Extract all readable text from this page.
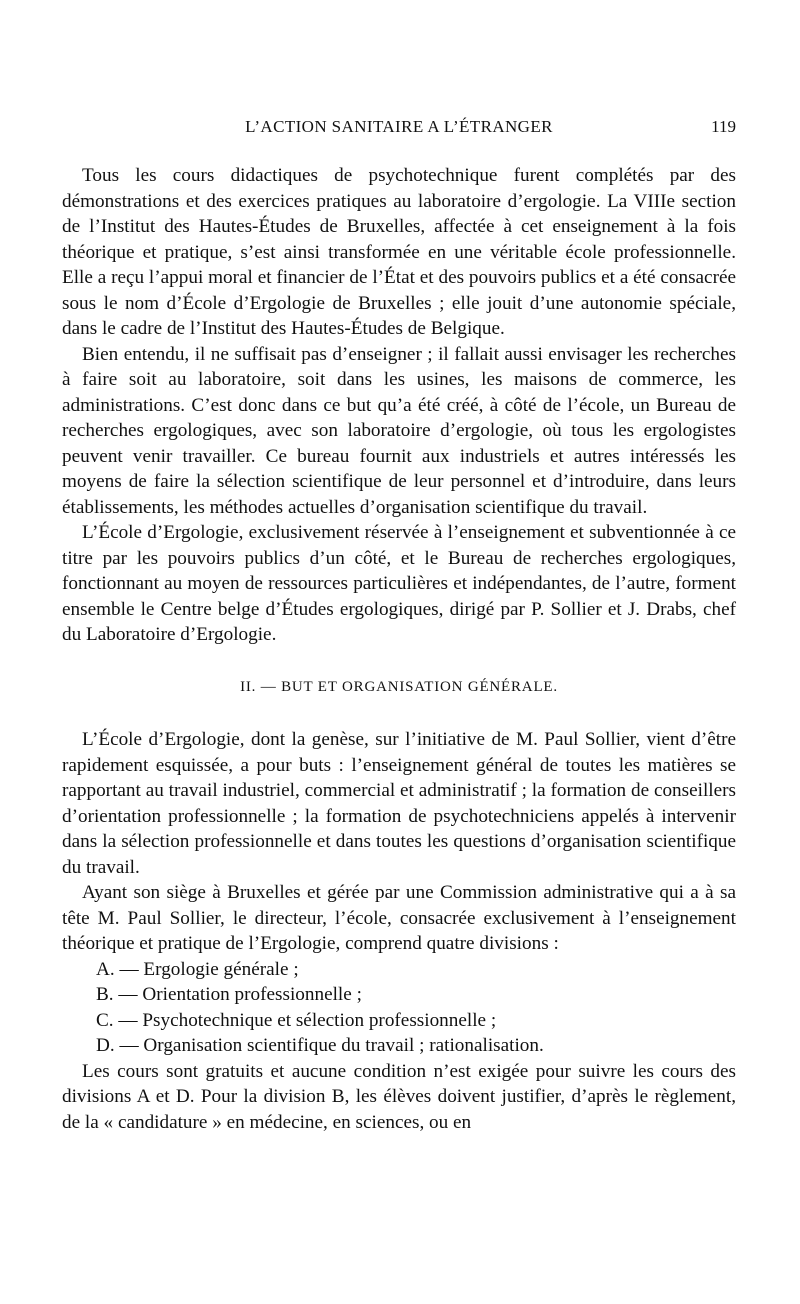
L’ACTION SANITAIRE A L’ÉTRANGER	119

Tous les cours didactiques de psychotechnique furent complétés par des démonstrations et des exercices pratiques au laboratoire d’ergologie. La VIIIe section de l’Institut des Hautes-Études de Bruxelles, affectée à cet enseignement à la fois théorique et pratique, s’est ainsi transformée en une véritable école professionnelle. Elle a reçu l’appui moral et financier de l’État et des pouvoirs publics et a été consacrée sous le nom d’École d’Ergologie de Bruxelles ; elle jouit d’une autonomie spéciale, dans le cadre de l’Institut des Hautes-Études de Belgique.

Bien entendu, il ne suffisait pas d’enseigner ; il fallait aussi envisager les recherches à faire soit au laboratoire, soit dans les usines, les maisons de commerce, les administrations. C’est donc dans ce but qu’a été créé, à côté de l’école, un Bureau de recherches ergologiques, avec son laboratoire d’ergologie, où tous les ergologistes peuvent venir travailler. Ce bureau fournit aux industriels et autres intéressés les moyens de faire la sélection scientifique de leur personnel et d’introduire, dans leurs établissements, les méthodes actuelles d’organisation scientifique du travail.

L’École d’Ergologie, exclusivement réservée à l’enseignement et subventionnée à ce titre par les pouvoirs publics d’un côté, et le Bureau de recherches ergologiques, fonctionnant au moyen de ressources particulières et indépendantes, de l’autre, forment ensemble le Centre belge d’Études ergologiques, dirigé par P. Sollier et J. Drabs, chef du Laboratoire d’Ergologie.

II. — BUT ET ORGANISATION GÉNÉRALE.

L’École d’Ergologie, dont la genèse, sur l’initiative de M. Paul Sollier, vient d’être rapidement esquissée, a pour buts : l’enseignement général de toutes les matières se rapportant au travail industriel, commercial et administratif ; la formation de conseillers d’orientation professionnelle ; la formation de psychotechniciens appelés à intervenir dans la sélection professionnelle et dans toutes les questions d’organisation scientifique du travail.

Ayant son siège à Bruxelles et gérée par une Commission administrative qui a à sa tête M. Paul Sollier, le directeur, l’école, consacrée exclusivement à l’enseignement théorique et pratique de l’Ergologie, comprend quatre divisions :

A. — Ergologie générale ;

B. — Orientation professionnelle ;

C. — Psychotechnique et sélection professionnelle ;

D. — Organisation scientifique du travail ; rationalisation.

Les cours sont gratuits et aucune condition n’est exigée pour suivre les cours des divisions A et D. Pour la division B, les élèves doivent justifier, d’après le règlement, de la « candidature » en médecine, en sciences, ou en
